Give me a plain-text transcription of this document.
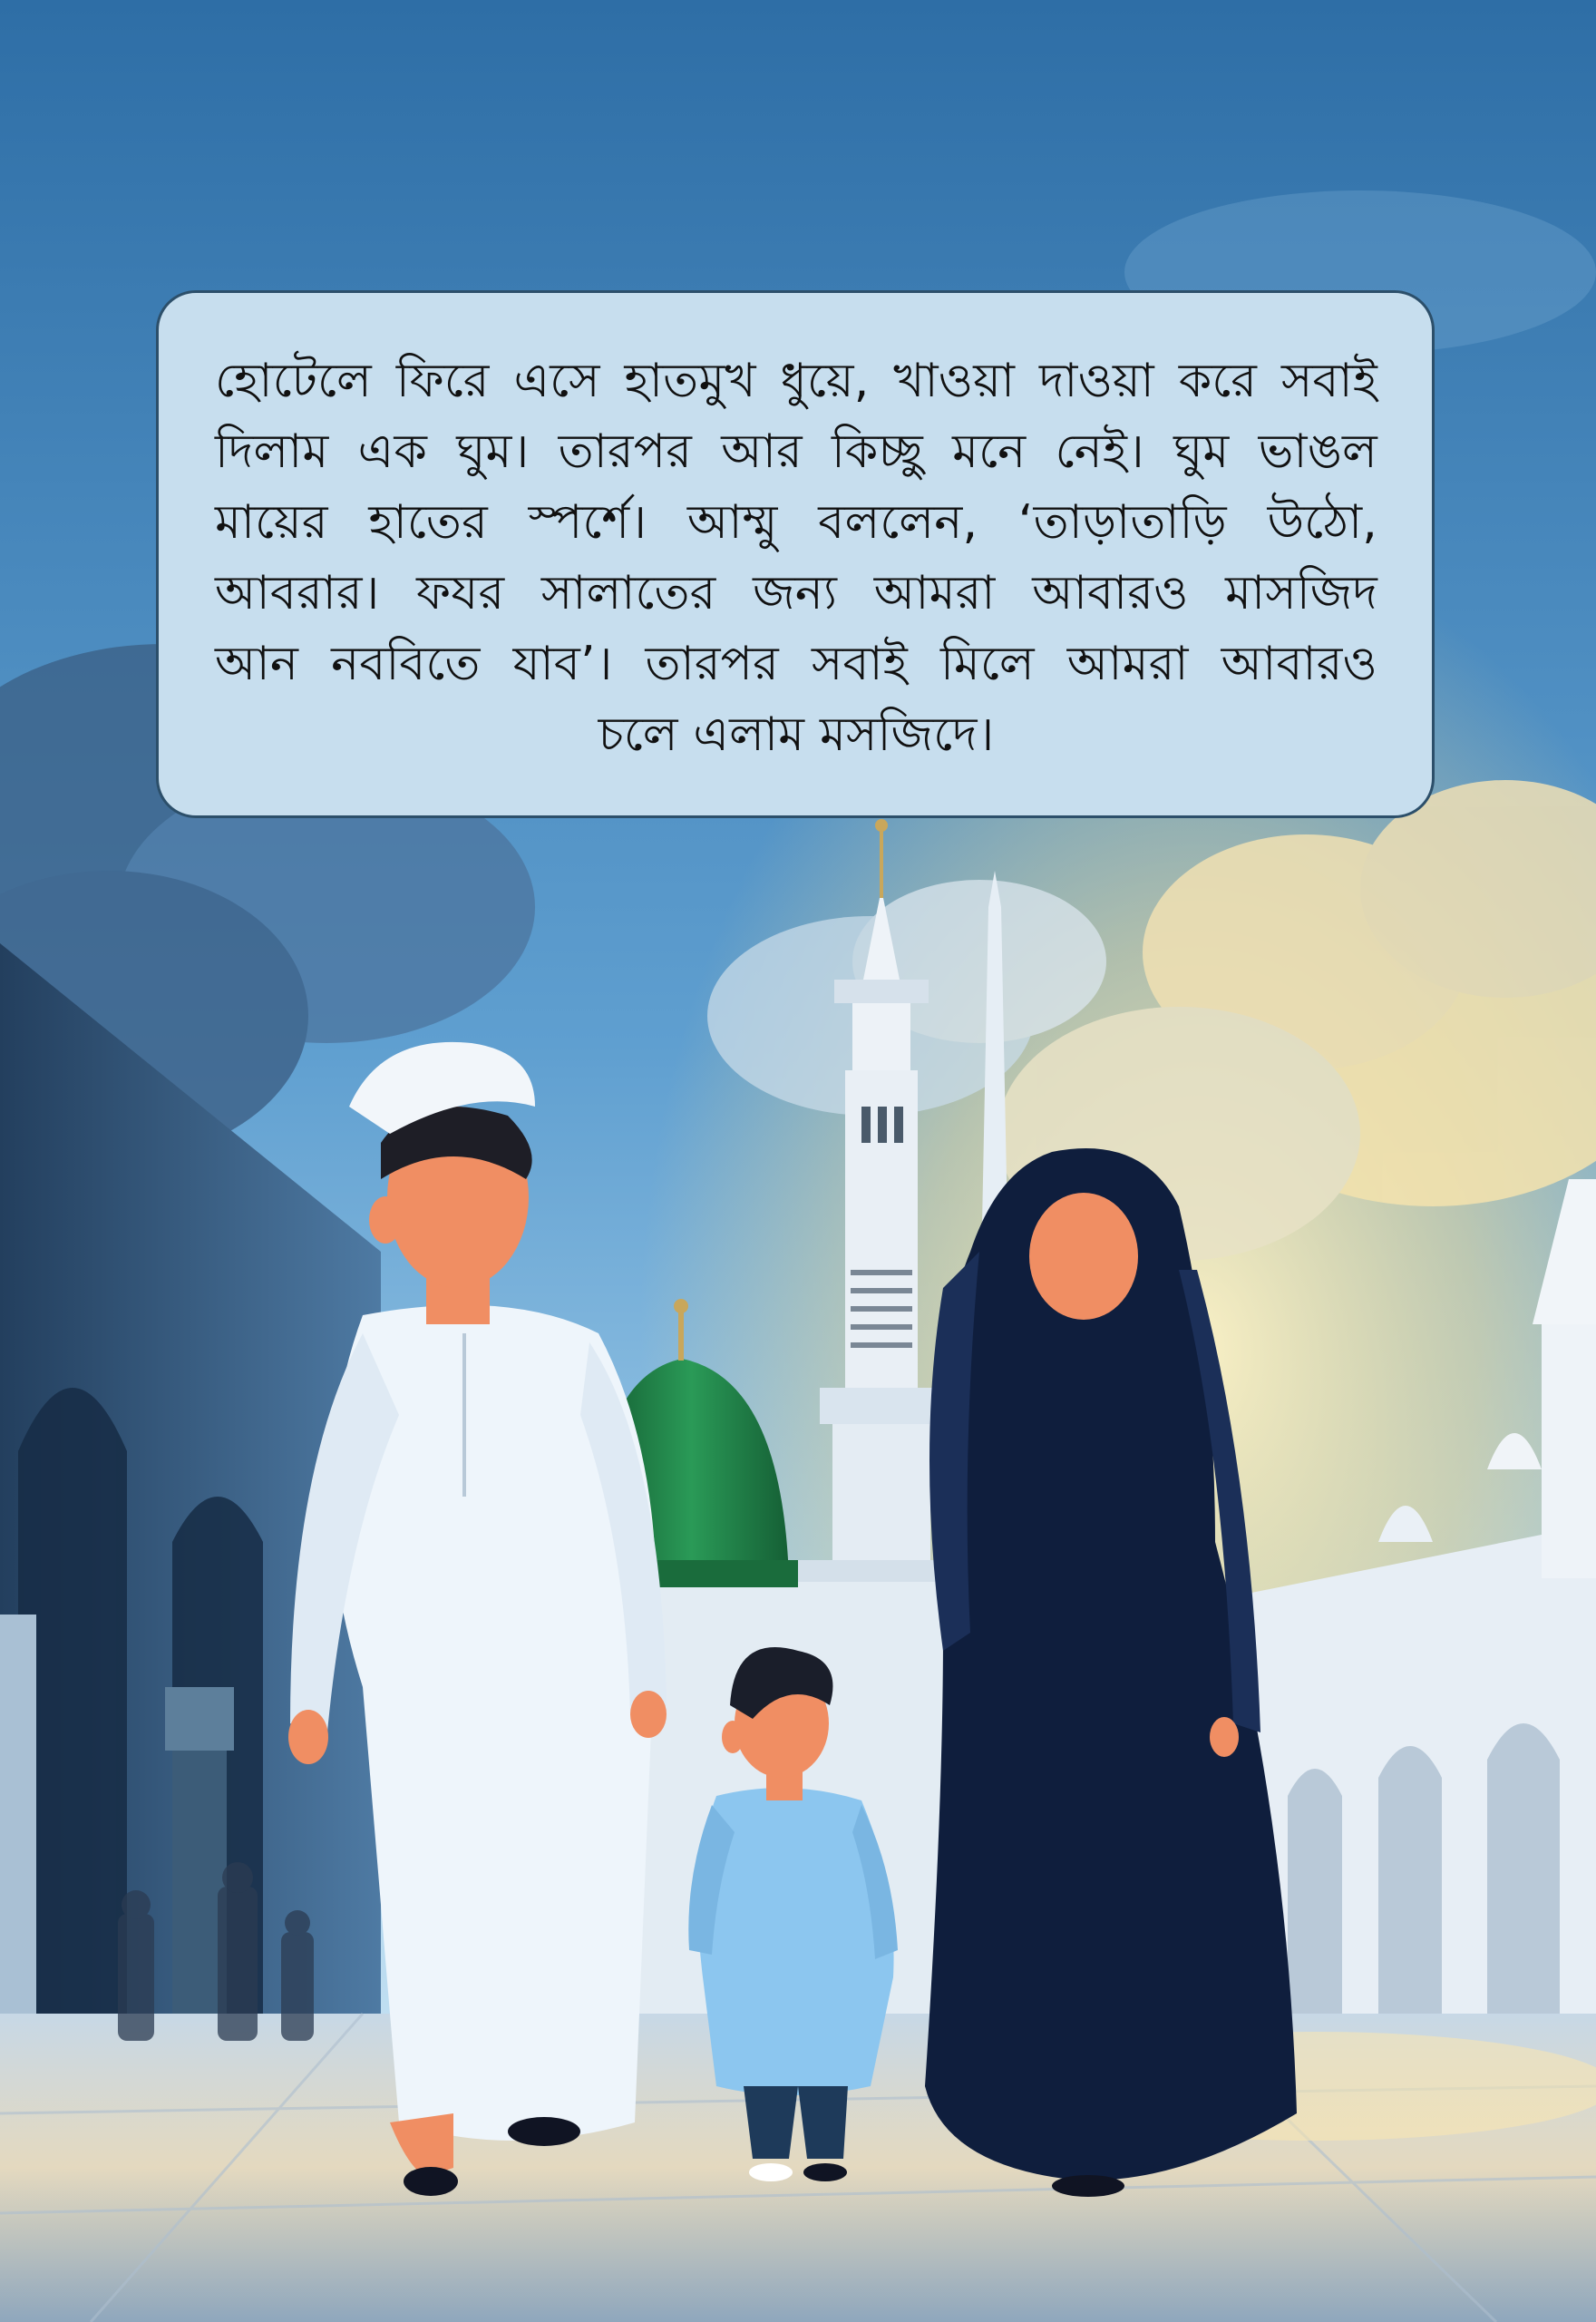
হোটেলে ফিরে এসে হাতমুখ ধুয়ে, খাওয়া দাওয়া করে সবাই
দিলাম এক ঘুম। তারপর আর কিচ্ছু মনে নেই। ঘুম ভাঙল
মায়ের হাতের স্পর্শে। আম্মু বললেন, ‘তাড়াতাড়ি উঠো,
আবরার। ফযর সালাতের জন্য আমরা আবারও মাসজিদ
আন নববিতে যাব’। তারপর সবাই মিলে আমরা আবারও
চলে এলাম মসজিদে।
